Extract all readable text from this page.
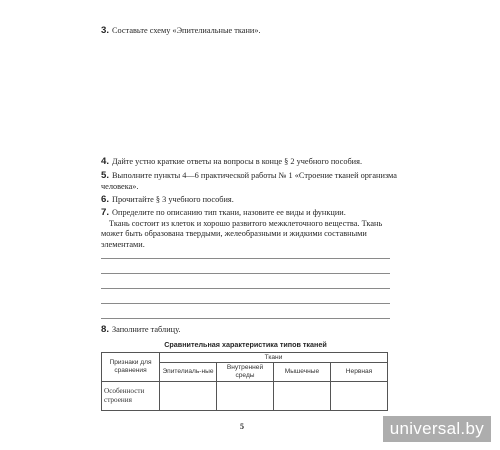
3. Составьте схему «Эпителиальные ткани».
4. Дайте устно краткие ответы на вопросы в конце § 2 учебного пособия.
5. Выполните пункты 4—6 практической работы № 1 «Строение тканей организма человека».
6. Прочитайте § 3 учебного пособия.
7. Определите по описанию тип ткани, назовите ее виды и функции.
Ткань состоит из клеток и хорошо развитого межклеточного вещества. Ткань может быть образована твердыми, желеобразными и жидкими составными элементами.
8. Заполните таблицу.
Сравнительная характеристика типов тканей
Признаки для сравнения	Ткани			
	Эпителиаль-ные	Внутренней среды	Мышечные	Нервная
Особенности строения				
5	universal.by
